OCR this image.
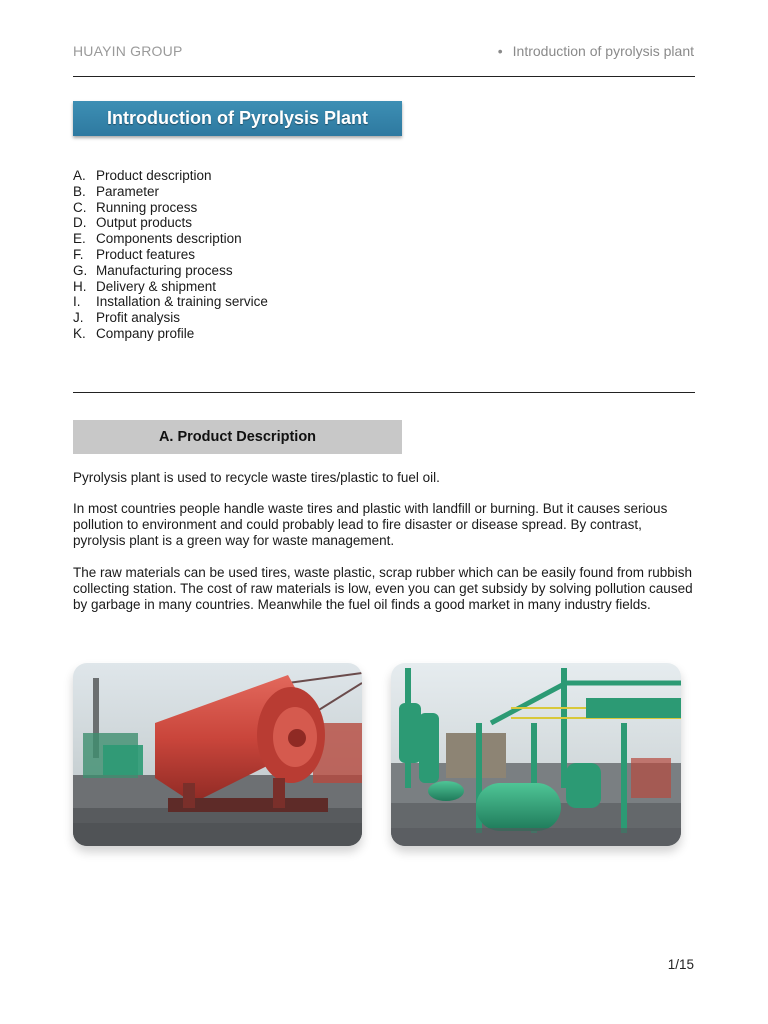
HUAYIN GROUP	• Introduction of pyrolysis plant
Introduction of Pyrolysis Plant
A. Product description
B. Parameter
C. Running process
D. Output products
E. Components description
F. Product features
G. Manufacturing process
H. Delivery & shipment
I.	Installation & training service
J. Profit analysis
K. Company profile
A. Product Description

Pyrolysis plant is used to recycle waste tires/plastic to fuel oil.

In most countries people handle waste tires and plastic with landfill or burning. But it causes serious pollution to environment and could probably lead to fire disaster or disease spread. By contrast, pyrolysis plant is a green way for waste management.

The raw materials can be used tires, waste plastic, scrap rubber which can be easily found from rubbish collecting station. The cost of raw materials is low, even you can get subsidy by solving pollution caused by garbage in many countries. Meanwhile the fuel oil finds a good market in many industry fields.

1/15
